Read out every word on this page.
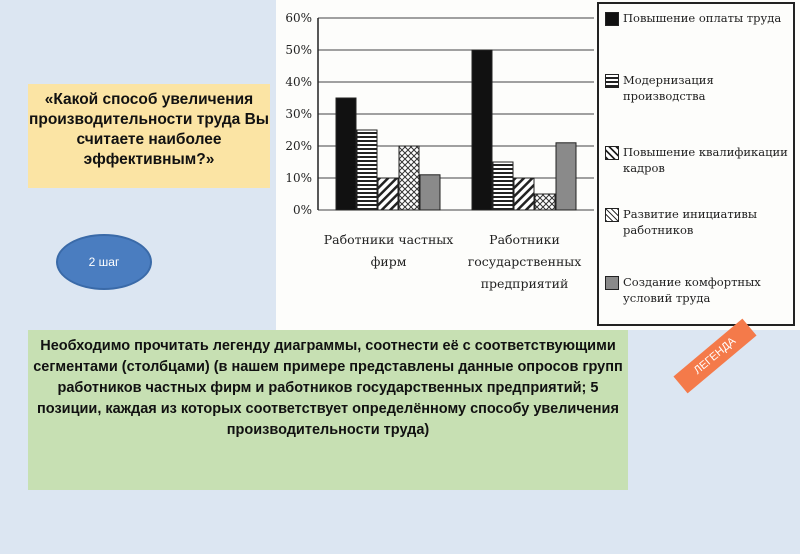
«Какой способ увеличения производительности труда Вы считаете наиболее эффективным?»
2 шаг
0%
10%
20%
30%
40%
50%
60%
Работники частных
фирм
Работники
государственных
предприятий
Повышение оплаты труда
Модернизация производства
Повышение квалификации кадров
Развитие инициативы работников
Создание комфортных условий труда
Необходимо прочитать легенду диаграммы, соотнести её с соответствующими сегментами (столбцами) (в нашем примере представлены данные опросов групп работников частных фирм и работников государственных предприятий; 5 позиции, каждая из которых соответствует определённому способу увеличения производительности труда)
ЛЕГЕНДА
